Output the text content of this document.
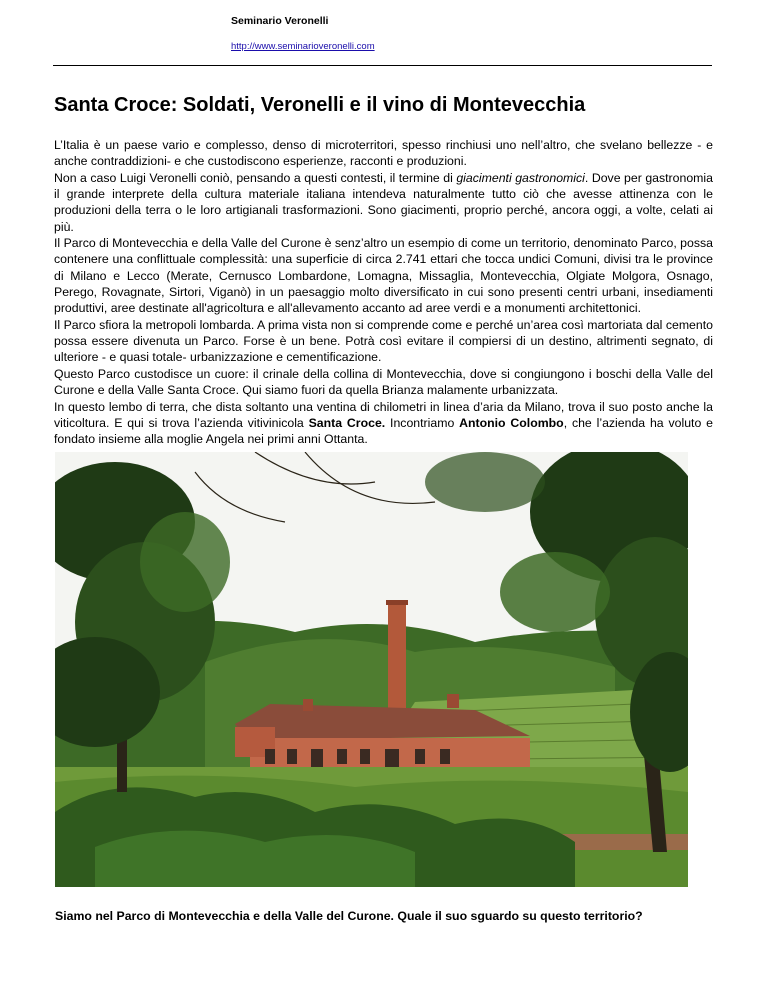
Seminario Veronelli
http://www.seminarioveronelli.com
Santa Croce: Soldati, Veronelli e il vino di Montevecchia

L’Italia è un paese vario e complesso, denso di microterritori, spesso rinchiusi uno nell’altro, che svelano bellezze - e anche contraddizioni- e che custodiscono esperienze, racconti e produzioni.

Non a caso Luigi Veronelli coniò, pensando a questi contesti, il termine di giacimenti gastronomici. Dove per gastronomia il grande interprete della cultura materiale italiana intendeva naturalmente tutto ciò che avesse attinenza con le produzioni della terra o le loro artigianali trasformazioni. Sono giacimenti, proprio perché, ancora oggi, a volte, celati ai più.

Il Parco di Montevecchia e della Valle del Curone è senz’altro un esempio di come un territorio, denominato Parco, possa contenere una conflittuale complessità: una superficie di circa 2.741 ettari che tocca undici Comuni, divisi tra le province di Milano e Lecco (Merate, Cernusco Lombardone, Lomagna, Missaglia, Montevecchia, Olgiate Molgora, Osnago, Perego, Rovagnate, Sirtori, Viganò) in un paesaggio molto diversificato in cui sono presenti centri urbani, insediamenti produttivi, aree destinate all'agricoltura e all'allevamento accanto ad aree verdi e a monumenti architettonici.

Il Parco sfiora la metropoli lombarda. A prima vista non si comprende come e perché un’area così martoriata dal cemento possa essere divenuta un Parco. Forse è un bene. Potrà così evitare il compiersi di un destino, altrimenti segnato, di ulteriore - e quasi totale- urbanizzazione e cementificazione.

Questo Parco custodisce un cuore: il crinale della collina di Montevecchia, dove si congiungono i boschi della Valle del Curone e della Valle Santa Croce. Qui siamo fuori da quella Brianza malamente urbanizzata.

In questo lembo di terra, che dista soltanto una ventina di chilometri in linea d’aria da Milano, trova il suo posto anche la viticoltura. E qui si trova l’azienda vitivinicola Santa Croce. Incontriamo Antonio Colombo, che l’azienda ha voluto e fondato insieme alla moglie Angela nei primi anni Ottanta.

Siamo nel Parco di Montevecchia e della Valle del Curone. Quale il suo sguardo su questo territorio?
